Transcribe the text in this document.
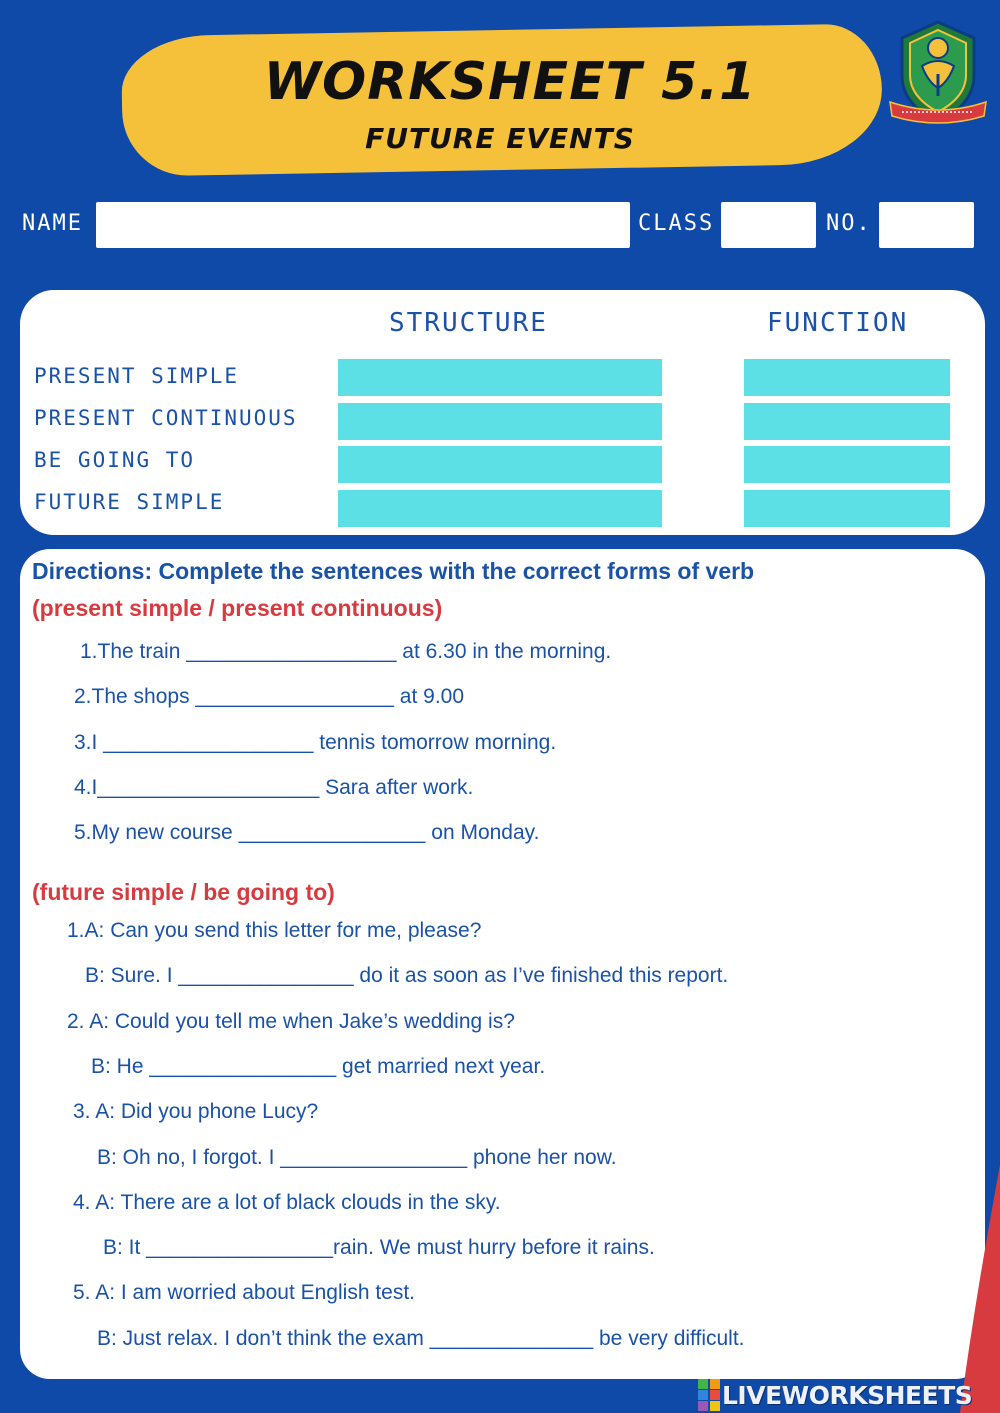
WORKSHEET 5.1
FUTURE EVENTS
NAME	CLASS	NO.
STRUCTURE	FUNCTION
PRESENT SIMPLE
PRESENT CONTINUOUS
BE GOING TO
FUTURE SIMPLE
Directions: Complete the sentences with the correct forms of verb
(present simple / present continuous)
1.The train __________________ at 6.30 in the morning.
2.The shops _________________ at 9.00
3.I __________________ tennis tomorrow morning.
4.I___________________ Sara after work.
5.My new course ________________ on Monday.
(future simple / be going to)
1.A: Can you send this letter for me, please?
B: Sure. I _______________ do it as soon as I’ve finished this report.
2. A: Could you tell me when Jake’s wedding is?
B: He ________________ get married next year.
3. A: Did you phone Lucy?
B: Oh no, I forgot. I ________________ phone her now.
4. A: There are a lot of black clouds in the sky.
B: It ________________rain. We must hurry before it rains.
5. A: I am worried about English test.
B: Just relax. I don’t think the exam ______________ be very difficult.
LIVEWORKSHEETS
